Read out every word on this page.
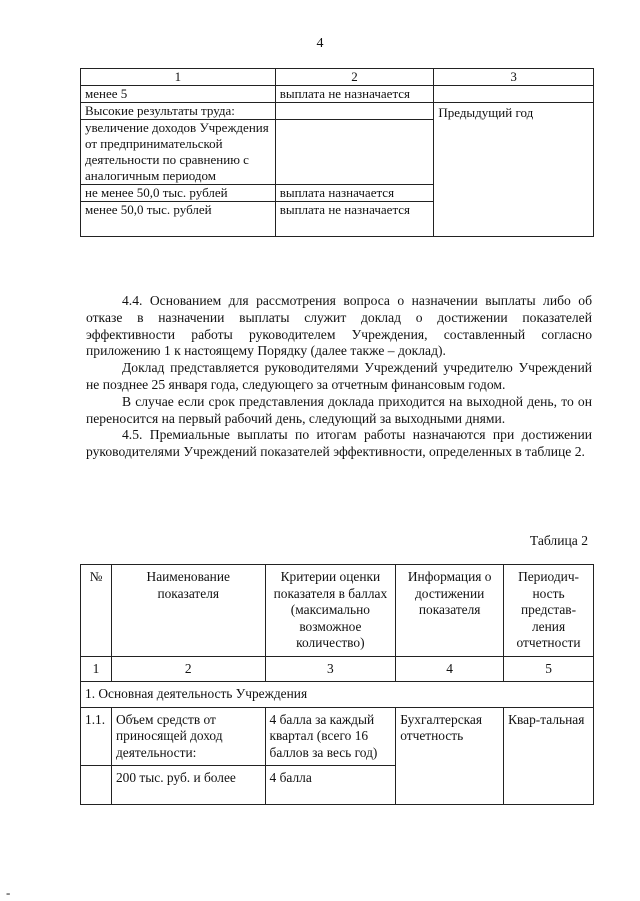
4
1	2	3
менее 5	выплата не назначается	
Высокие результаты труда:		Предыдущий год
увеличение доходов Учреждения от предпринимательской деятельности по сравнению с аналогичным периодом		
не менее 50,0 тыс. рублей	выплата назначается	
менее 50,0 тыс. рублей	выплата не назначается	

4.4. Основанием для рассмотрения вопроса о назначении выплаты либо об отказе в назначении выплаты служит доклад о достижении показателей эффективности работы руководителем Учреждения, составленный согласно приложению 1 к настоящему Порядку (далее также – доклад).

Доклад представляется руководителями Учреждений учредителю Учреждений не позднее 25 января года, следующего за отчетным финансовым годом.

В случае если срок представления доклада приходится на выходной день, то он переносится на первый рабочий день, следующий за выходными днями.

4.5. Премиальные выплаты по итогам работы назначаются при достижении руководителями Учреждений показателей эффективности, определенных в таблице 2.

Таблица 2
№	Наименование показателя	Критерии оценки показателя в баллах (максимально возможное количество)	Информация о достижении показателя	Периодич-ность представ-ления отчетности
1	2	3	4	5
1. Основная деятельность Учреждения				
1.1.	Объем средств от приносящей доход деятельности:	4 балла за каждый квартал (всего 16 баллов за весь год)	Бухгалтерская отчетность	Квар-тальная
	200 тыс. руб. и более	4 балла		
-
